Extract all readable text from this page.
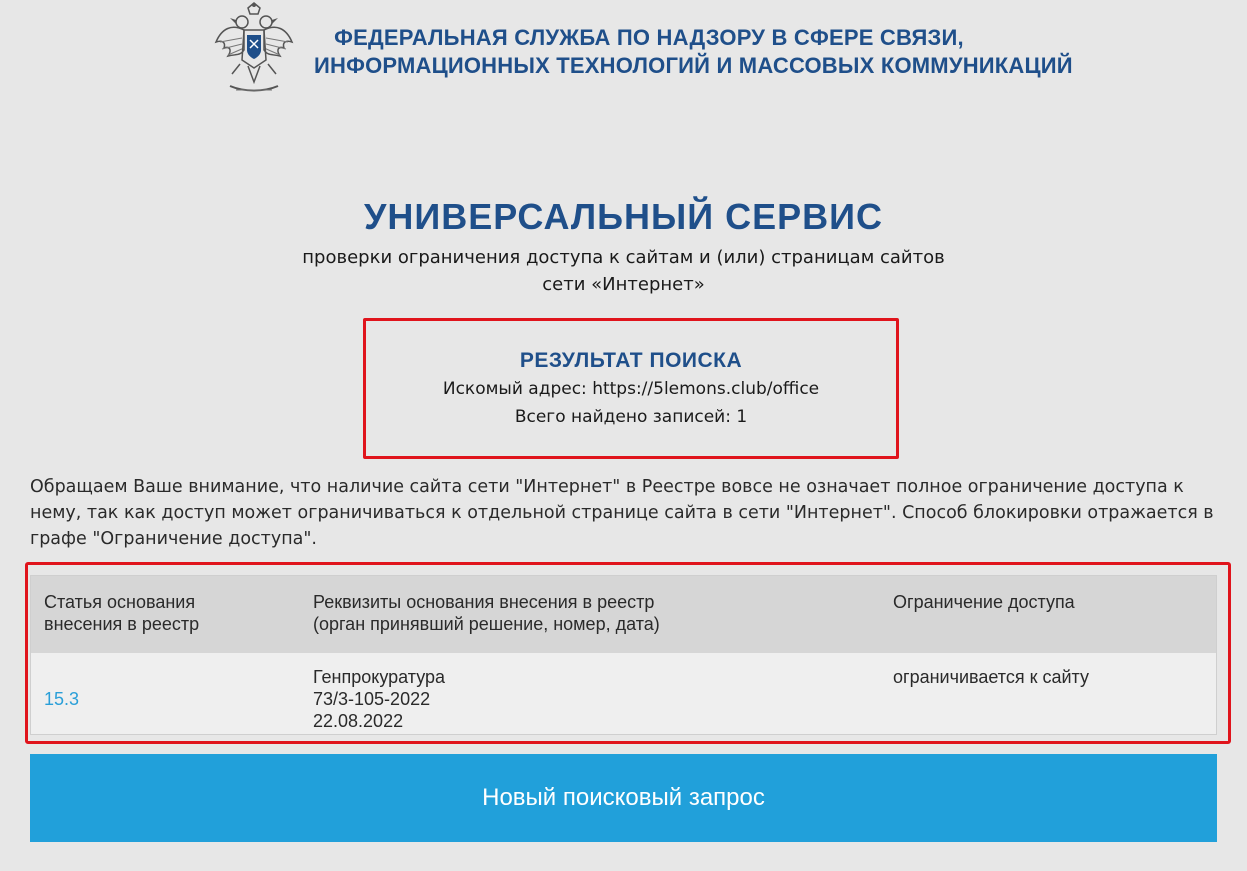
ФЕДЕРАЛЬНАЯ СЛУЖБА ПО НАДЗОРУ В СФЕРЕ СВЯЗИ,
ИНФОРМАЦИОННЫХ ТЕХНОЛОГИЙ И МАССОВЫХ КОММУНИКАЦИЙ
УНИВЕРСАЛЬНЫЙ СЕРВИС
проверки ограничения доступа к сайтам и (или) страницам сайтов
сети «Интернет»
РЕЗУЛЬТАТ ПОИСКА
Искомый адрес: https://5lemons.club/office
Всего найдено записей: 1
Обращаем Ваше внимание, что наличие сайта сети "Интернет" в Реестре вовсе не означает полное ограничение доступа к нему, так как доступ может ограничиваться к отдельной странице сайта в сети "Интернет". Способ блокировки отражается в графе "Ограничение доступа".
Статья основания
внесения в реестр
Реквизиты основания внесения в реестр
(орган принявший решение, номер, дата)
Ограничение доступа

15.3

Генпрокуратура
73/3-105-2022
22.08.2022
ограничивается к сайту
Новый поисковый запрос
